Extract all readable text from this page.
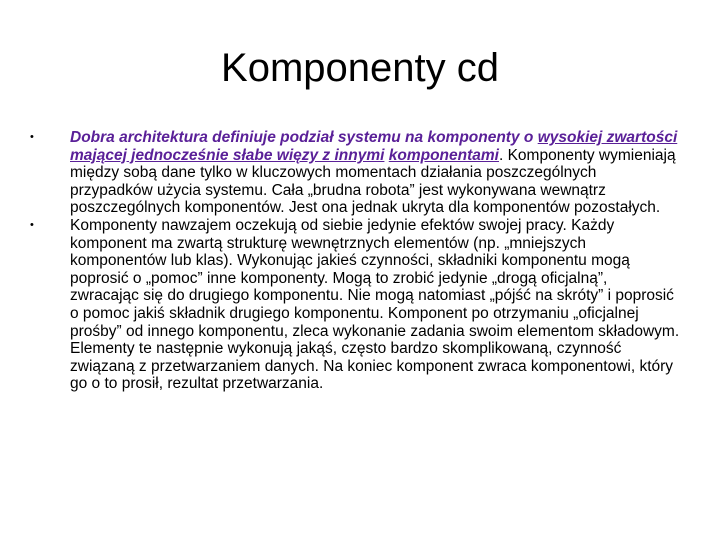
Komponenty cd
•	Dobra architektura definiuje podział systemu na komponenty o wysokiej zwartości mającej jednocześnie słabe więzy z innymi komponentami. Komponenty wymieniają między sobą dane tylko w kluczowych momentach działania poszczególnych przypadków użycia systemu. Cała „brudna robota” jest wykonywana wewnątrz poszczególnych komponentów. Jest ona jednak ukryta dla komponentów pozostałych.
•	Komponenty nawzajem oczekują od siebie jedynie efektów swojej pracy. Każdy komponent ma zwartą strukturę wewnętrznych elementów (np. „mniejszych komponentów lub klas). Wykonując jakieś czynności, składniki komponentu mogą poprosić o „pomoc” inne komponenty. Mogą to zrobić jedynie „drogą oficjalną”, zwracając się do drugiego komponentu. Nie mogą natomiast „pójść na skróty” i poprosić o pomoc jakiś składnik drugiego komponentu. Komponent po otrzymaniu „oficjalnej prośby” od innego komponentu, zleca wykonanie zadania swoim elementom składowym. Elementy te następnie wykonują jakąś, często bardzo skomplikowaną, czynność związaną z przetwarzaniem danych. Na koniec komponent zwraca komponentowi, który go o to prosił, rezultat przetwarzania.
